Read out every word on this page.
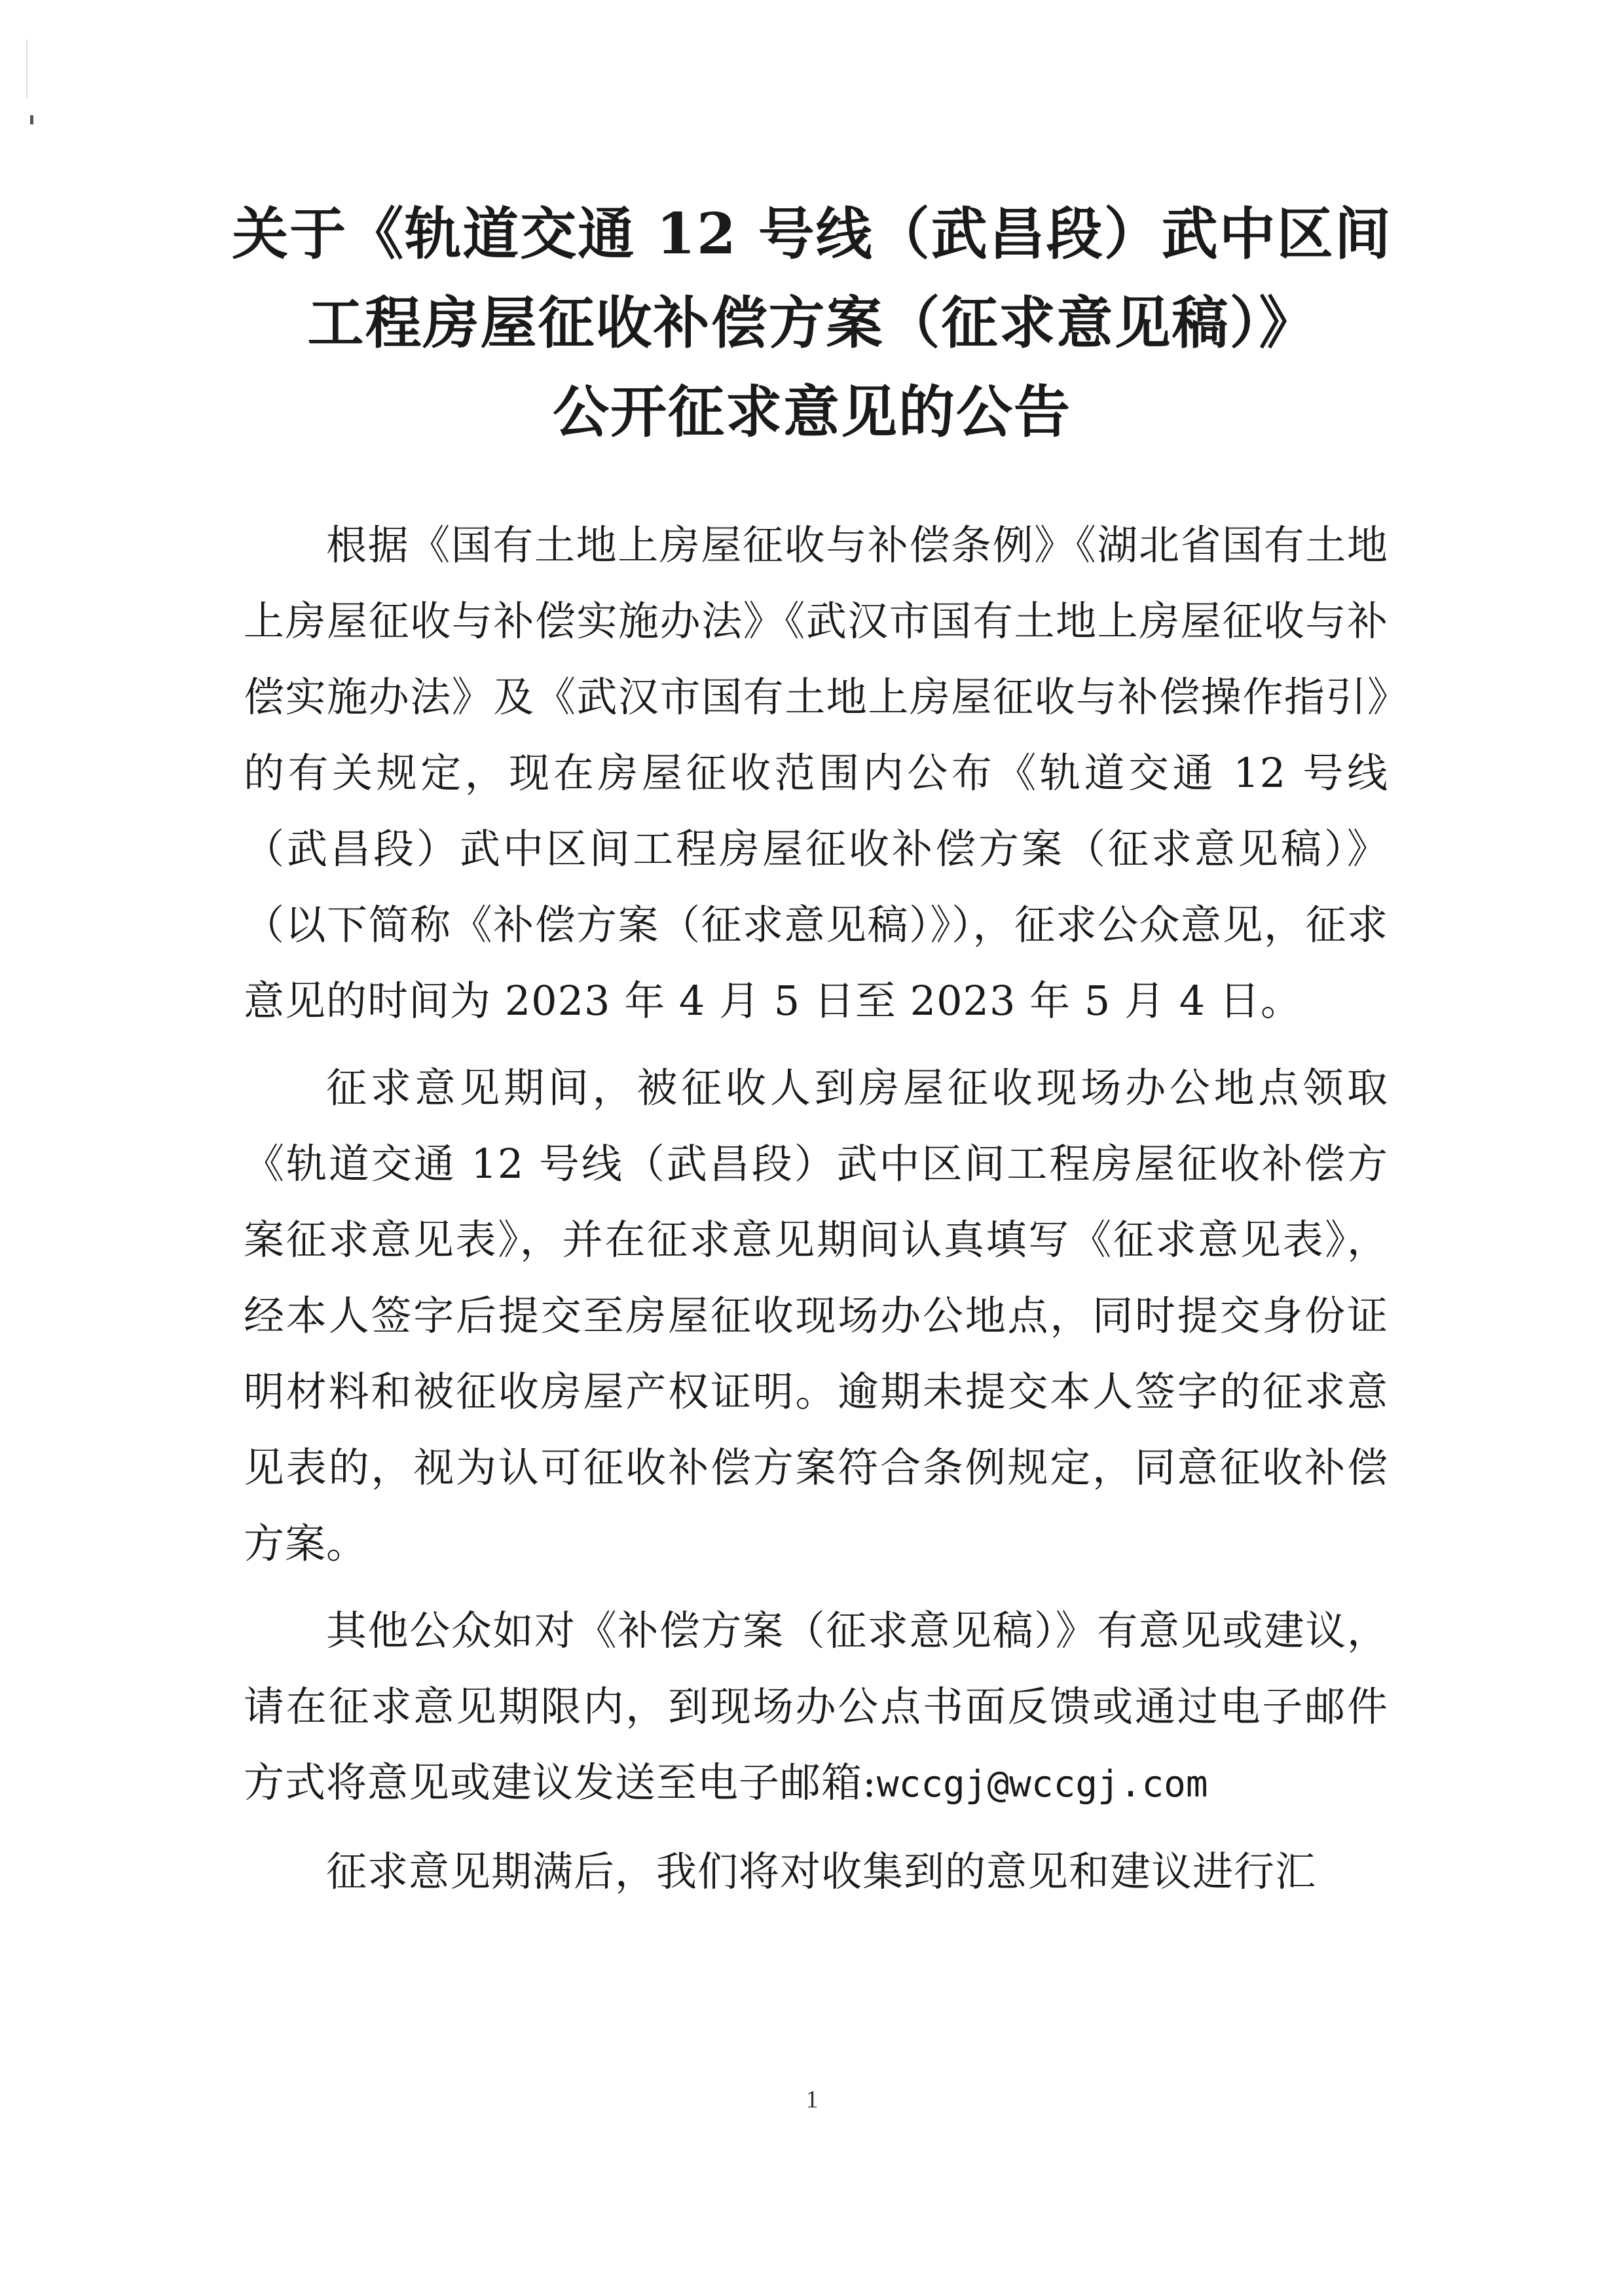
关于《轨道交通 12 号线（武昌段）武中区间
工程房屋征收补偿方案（征求意见稿）》
公开征求意见的公告

根据《国有土地上房屋征收与补偿条例》《湖北省国有土地上房屋征收与补偿实施办法》《武汉市国有土地上房屋征收与补偿实施办法》及《武汉市国有土地上房屋征收与补偿操作指引》的有关规定，现在房屋征收范围内公布《轨道交通 12 号线（武昌段）武中区间工程房屋征收补偿方案（征求意见稿）》（以下简称《补偿方案（征求意见稿）》），征求公众意见，征求意见的时间为 2023 年 4 月 5 日至 2023 年 5 月 4 日。

征求意见期间，被征收人到房屋征收现场办公地点领取《轨道交通 12 号线（武昌段）武中区间工程房屋征收补偿方案征求意见表》，并在征求意见期间认真填写《征求意见表》，经本人签字后提交至房屋征收现场办公地点，同时提交身份证明材料和被征收房屋产权证明。逾期未提交本人签字的征求意见表的，视为认可征收补偿方案符合条例规定，同意征收补偿方案。

其他公众如对《补偿方案（征求意见稿）》有意见或建议，请在征求意见期限内，到现场办公点书面反馈或通过电子邮件方式将意见或建议发送至电子邮箱:wccgj@wccgj.com

征求意见期满后，我们将对收集到的意见和建议进行汇

1
